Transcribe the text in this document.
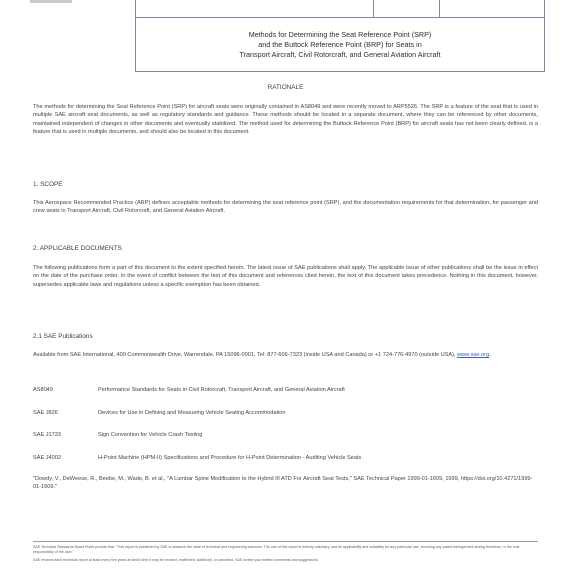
Methods for Determining the Seat Reference Point (SRP)
and the Buttock Reference Point (BRP) for Seats in
Transport Aircraft, Civil Rotorcraft, and General Aviation Aircraft
RATIONALE
The methods for determining the Seat Reference Point (SRP) for aircraft seats were originally contained in AS8049 and were recently moved to ARP5526. The SRP is a feature of the seat that is used in multiple SAE aircraft seat documents, as well as regulatory standards and guidance. These methods should be located in a separate document, where they can be referenced by other documents, maintained independent of changes in other documents and eventually stabilized. The method used for determining the Buttock Reference Point (BRP) for aircraft seats has not been clearly defined, is a feature that is used in multiple documents, and should also be located in this document.
1. SCOPE
This Aerospace Recommended Practice (ARP) defines acceptable methods for determining the seat reference point (SRP), and the documentation requirements for that determination, for passenger and crew seats in Transport Aircraft, Civil Rotorcraft, and General Aviation Aircraft.
2. APPLICABLE DOCUMENTS
The following publications form a part of this document to the extent specified herein. The latest issue of SAE publications shall apply. The applicable issue of other publications shall be the issue in effect on the date of the purchase order. In the event of conflict between the text of this document and references cited herein, the text of this document takes precedence. Nothing in this document, however, supersedes applicable laws and regulations unless a specific exemption has been obtained.
2.1 SAE Publications
Available from SAE International, 400 Commonwealth Drive, Warrendale, PA 15096-0001, Tel: 877-606-7323 (inside USA and Canada) or +1 724-776-4970 (outside USA), www.sae.org.
AS8049	Performance Standards for Seats in Civil Rotorcraft, Transport Aircraft, and General Aviation Aircraft
SAE J826	Devices for Use in Defining and Measuring Vehicle Seating Accommodation
SAE J1733	Sign Convention for Vehicle Crash Testing
SAE J4002	H-Point Machine (HPM-II) Specifications and Procedure for H-Point Determination - Auditing Vehicle Seats
"Dowdy, V., DeWeese, R., Beebe, M., Wade, B. et al., "A Lumbar Spine Modification to the Hybrid III ATD For Aircraft Seat Tests," SAE Technical Paper 1999-01-1609, 1999, https://doi.org/10.4271/1999-01-1609."
SAE Technical Standards Board Rules provide that: "This report is published by SAE to advance the state of technical and engineering sciences. The use of this report is entirely voluntary, and its applicability and suitability for any particular use, including any patent infringement arising therefrom, is the sole responsibility of the user."
SAE reviews each technical report at least every five years at which time it may be revised, reaffirmed, stabilized, or cancelled. SAE invites your written comments and suggestions.
